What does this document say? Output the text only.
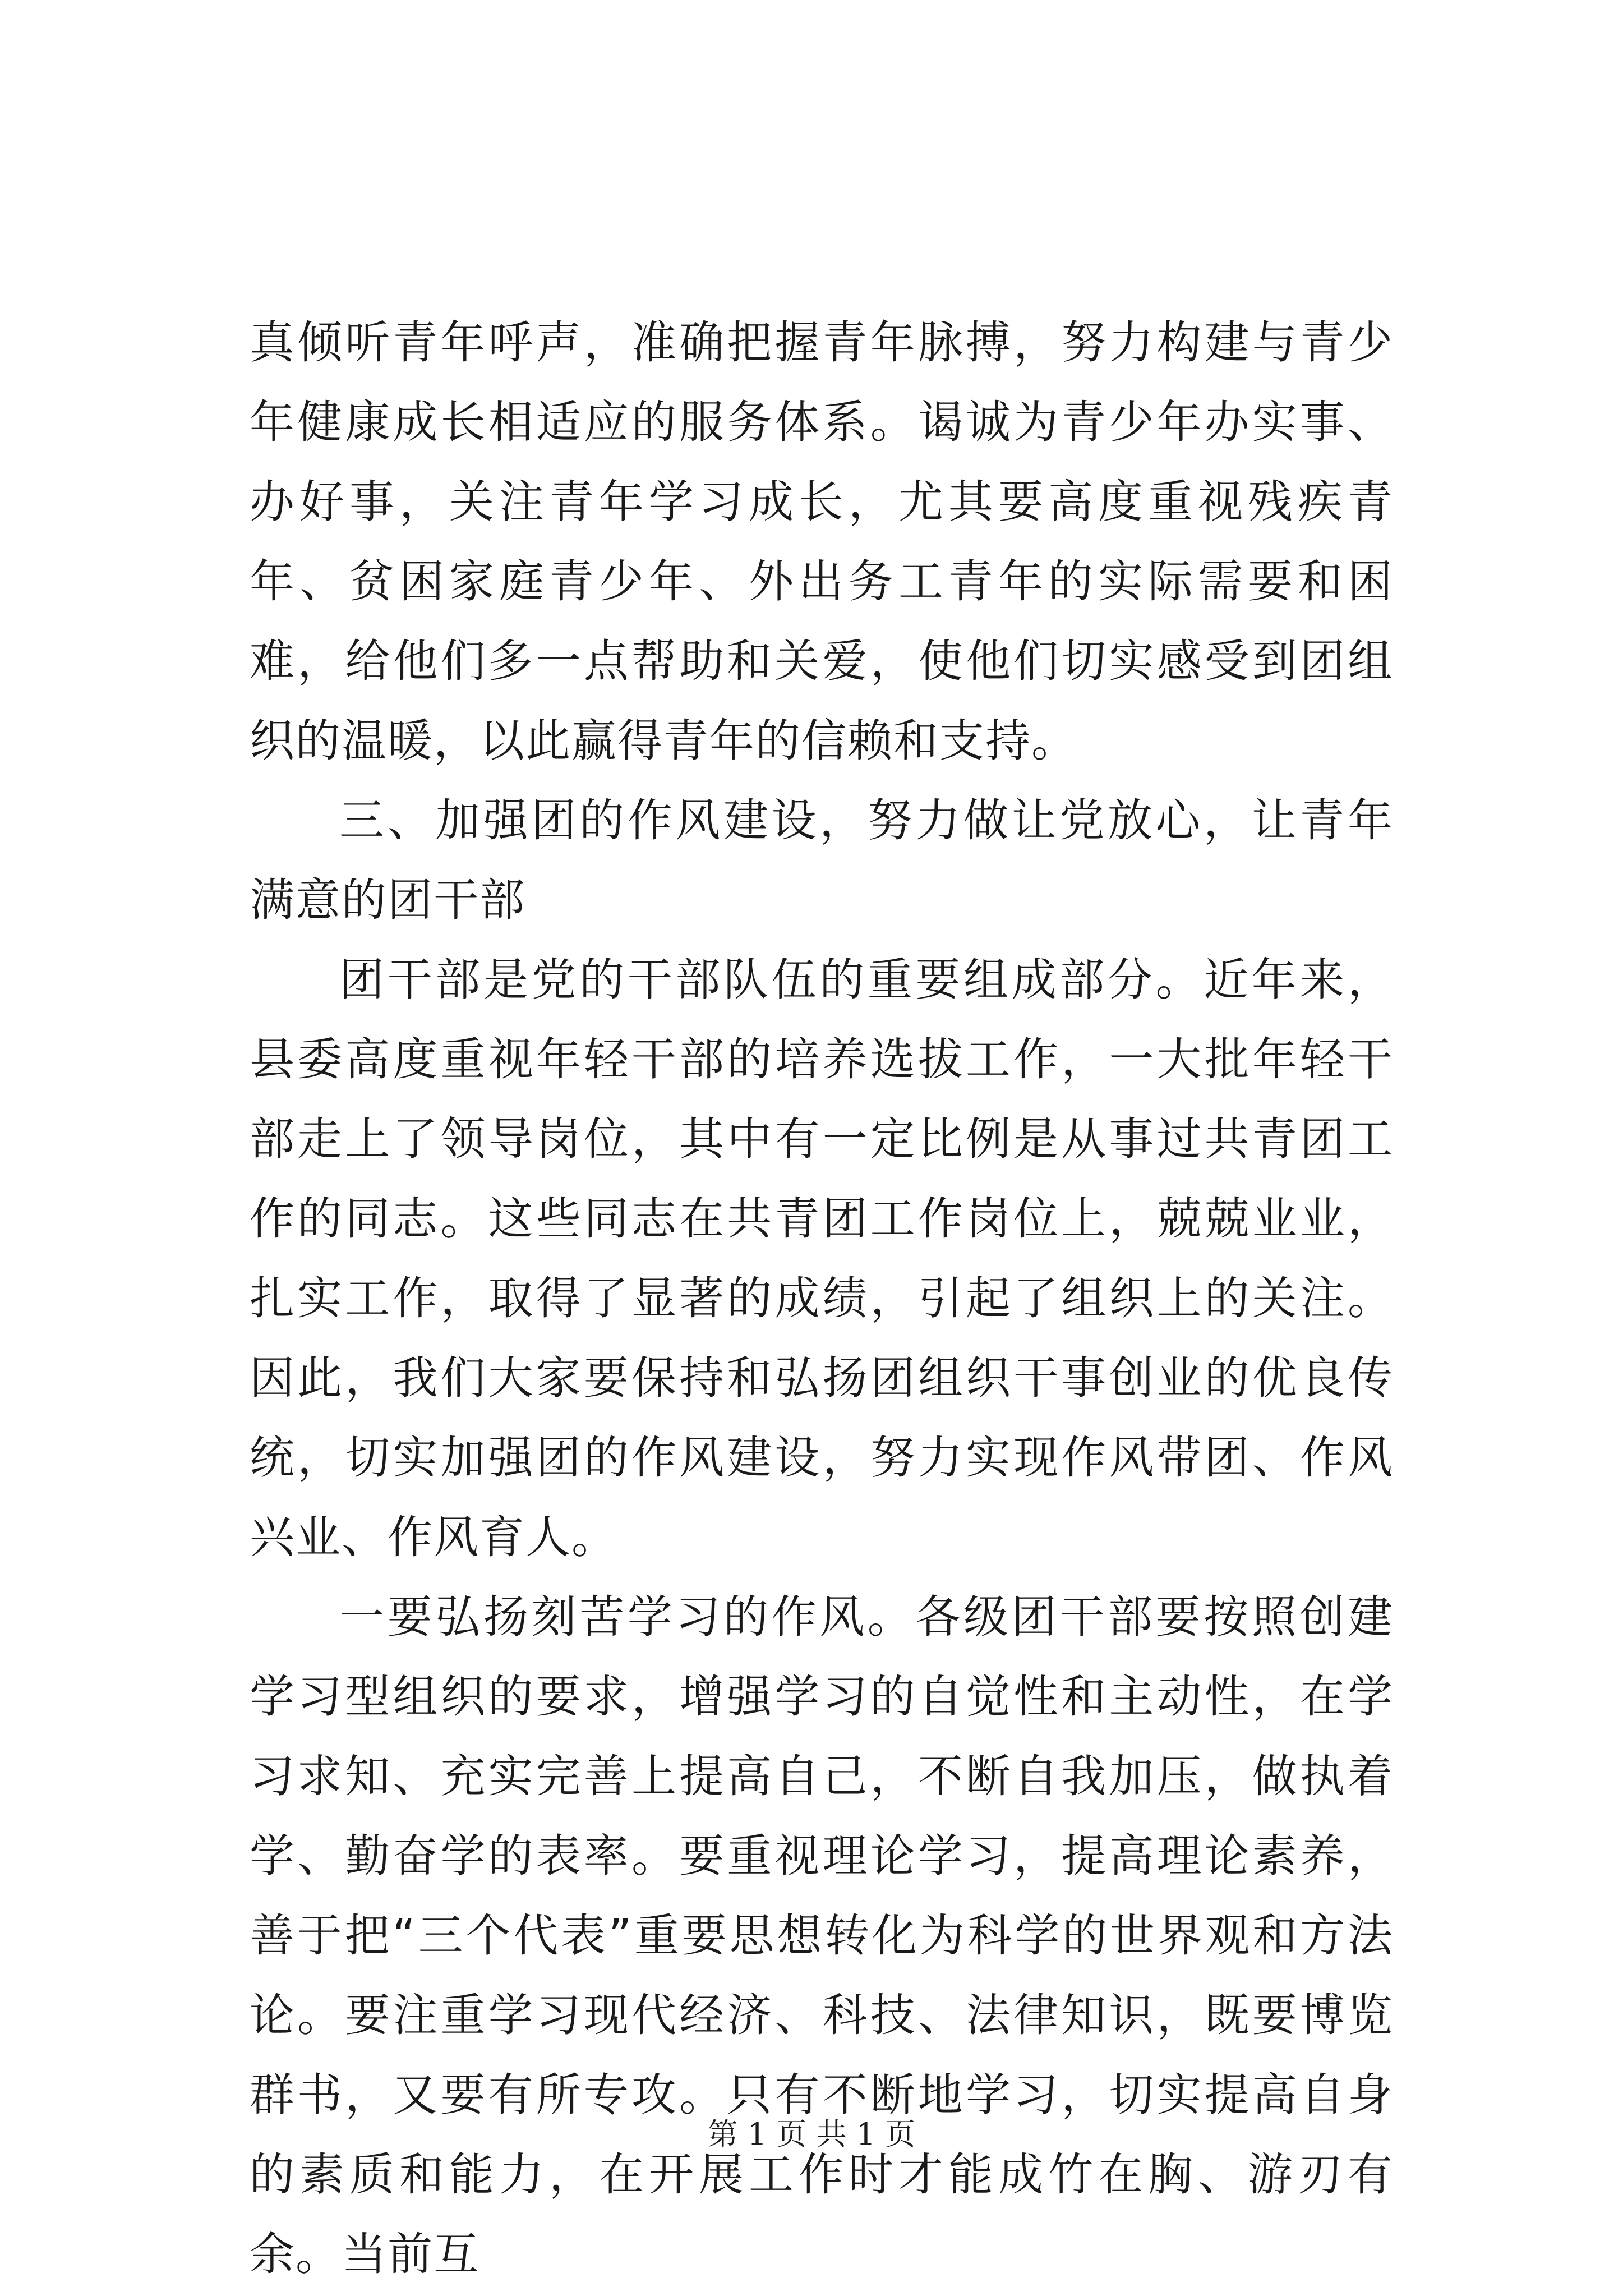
真倾听青年呼声，准确把握青年脉搏，努力构建与青少年健康成长相适应的服务体系。谒诚为青少年办实事、办好事，关注青年学习成长，尤其要高度重视残疾青年、贫困家庭青少年、外出务工青年的实际需要和困难，给他们多一点帮助和关爱，使他们切实感受到团组织的温暖，以此赢得青年的信赖和支持。

三、加强团的作风建设，努力做让党放心，让青年满意的团干部

团干部是党的干部队伍的重要组成部分。近年来，县委高度重视年轻干部的培养选拔工作，一大批年轻干部走上了领导岗位，其中有一定比例是从事过共青团工作的同志。这些同志在共青团工作岗位上，兢兢业业，扎实工作，取得了显著的成绩，引起了组织上的关注。因此，我们大家要保持和弘扬团组织干事创业的优良传统，切实加强团的作风建设，努力实现作风带团、作风兴业、作风育人。

一要弘扬刻苦学习的作风。各级团干部要按照创建学习型组织的要求，增强学习的自觉性和主动性，在学习求知、充实完善上提高自己，不断自我加压，做执着学、勤奋学的表率。要重视理论学习，提高理论素养，善于把“三个代表”重要思想转化为科学的世界观和方法论。要注重学习现代经济、科技、法律知识，既要博览群书，又要有所专攻。只有不断地学习，切实提高自身的素质和能力，在开展工作时才能成竹在胸、游刃有余。当前互

第 1 页 共 1 页
